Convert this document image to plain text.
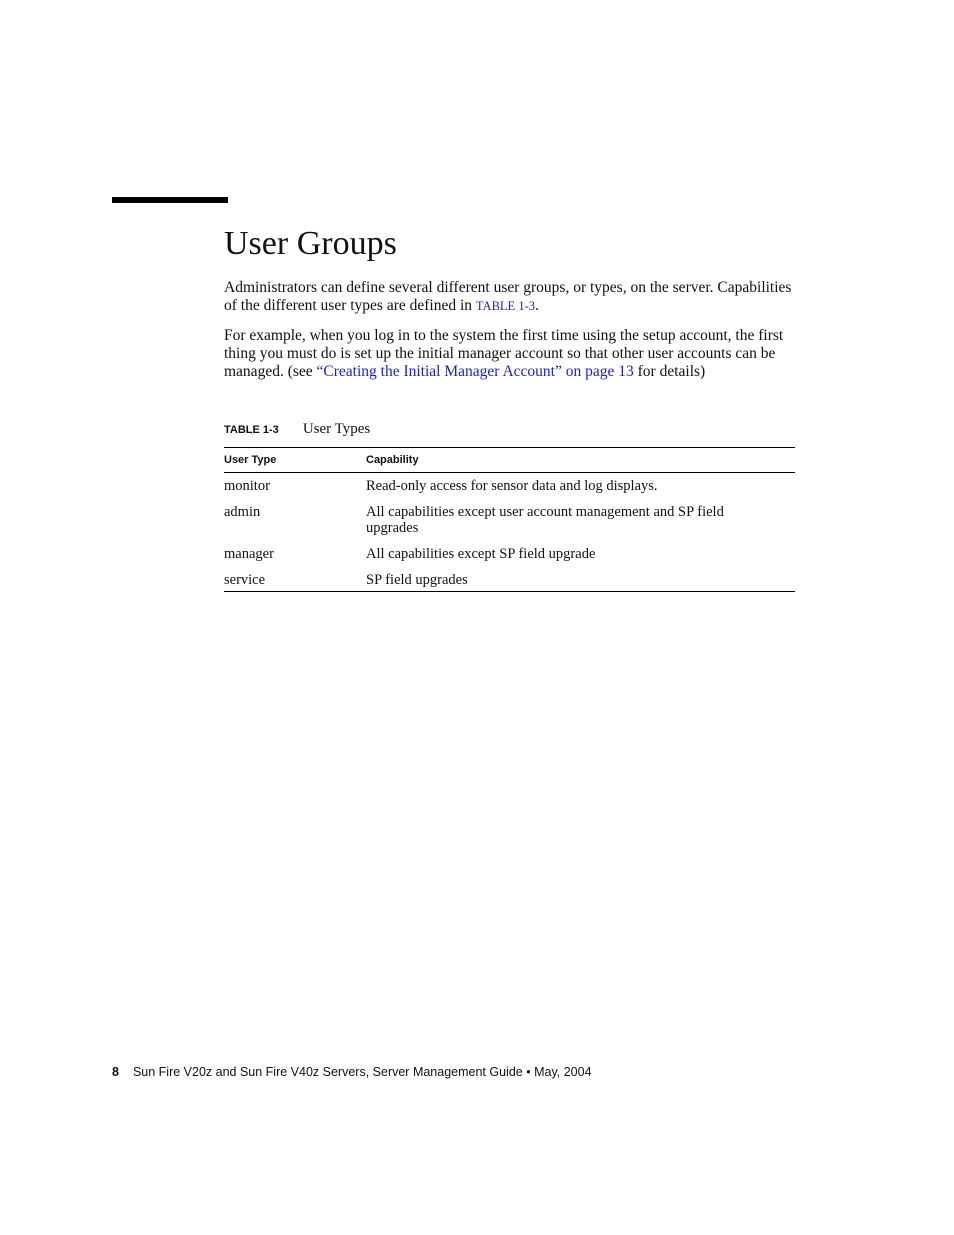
User Groups

Administrators can define several different user groups, or types, on the server. Capabilities of the different user types are defined in TABLE 1-3.

For example, when you log in to the system the first time using the setup account, the first thing you must do is set up the initial manager account so that other user accounts can be managed. (see “Creating the Initial Manager Account” on page 13 for details)

TABLE 1-3 User Types
User Type	Capability
monitor	Read-only access for sensor data and log displays.
admin	All capabilities except user account management and SP field upgrades
manager	All capabilities except SP field upgrade
service	SP field upgrades
8 Sun Fire V20z and Sun Fire V40z Servers, Server Management Guide • May, 2004
